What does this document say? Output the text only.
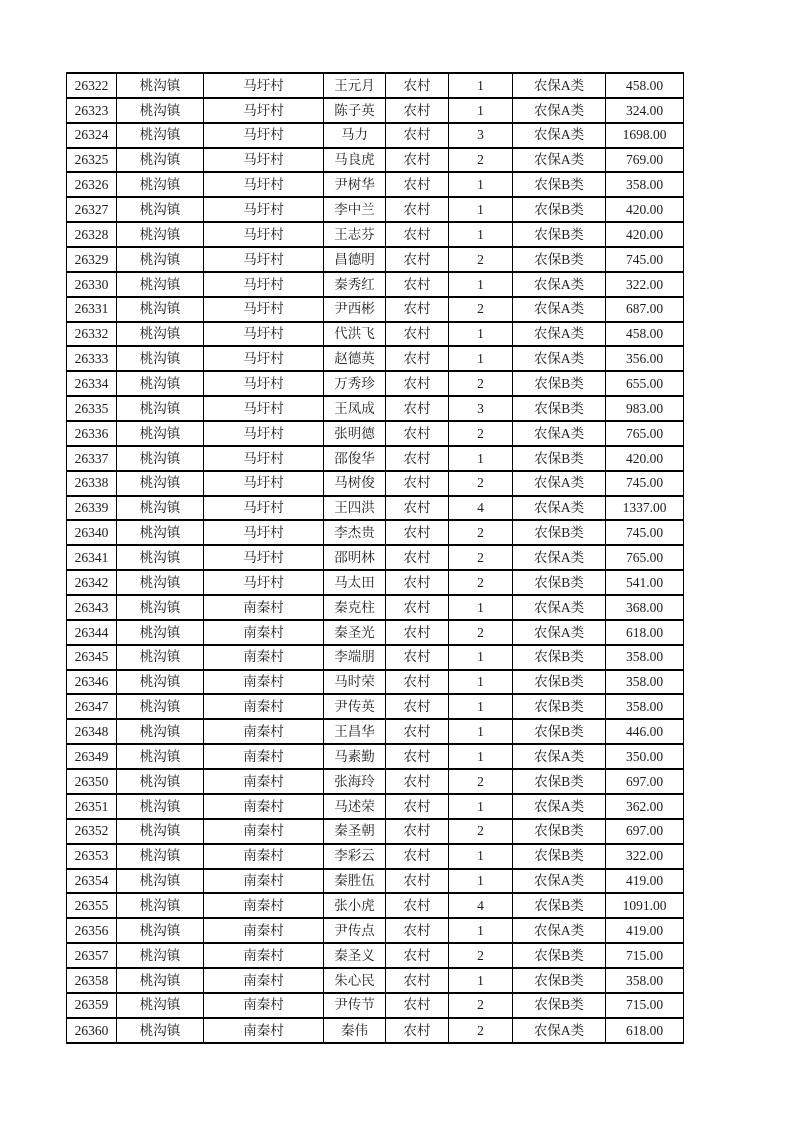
26322	桃沟镇	马圩村	王元月	农村	1	农保A类	458.00
26323	桃沟镇	马圩村	陈子英	农村	1	农保A类	324.00
26324	桃沟镇	马圩村	马力	农村	3	农保A类	1698.00
26325	桃沟镇	马圩村	马良虎	农村	2	农保A类	769.00
26326	桃沟镇	马圩村	尹树华	农村	1	农保B类	358.00
26327	桃沟镇	马圩村	李中兰	农村	1	农保B类	420.00
26328	桃沟镇	马圩村	王志芬	农村	1	农保B类	420.00
26329	桃沟镇	马圩村	昌德明	农村	2	农保B类	745.00
26330	桃沟镇	马圩村	秦秀红	农村	1	农保A类	322.00
26331	桃沟镇	马圩村	尹西彬	农村	2	农保A类	687.00
26332	桃沟镇	马圩村	代洪飞	农村	1	农保A类	458.00
26333	桃沟镇	马圩村	赵德英	农村	1	农保A类	356.00
26334	桃沟镇	马圩村	万秀珍	农村	2	农保B类	655.00
26335	桃沟镇	马圩村	王凤成	农村	3	农保B类	983.00
26336	桃沟镇	马圩村	张明德	农村	2	农保A类	765.00
26337	桃沟镇	马圩村	邵俊华	农村	1	农保B类	420.00
26338	桃沟镇	马圩村	马树俊	农村	2	农保A类	745.00
26339	桃沟镇	马圩村	王四洪	农村	4	农保A类	1337.00
26340	桃沟镇	马圩村	李杰贵	农村	2	农保B类	745.00
26341	桃沟镇	马圩村	邵明林	农村	2	农保A类	765.00
26342	桃沟镇	马圩村	马太田	农村	2	农保B类	541.00
26343	桃沟镇	南秦村	秦克柱	农村	1	农保A类	368.00
26344	桃沟镇	南秦村	秦圣光	农村	2	农保A类	618.00
26345	桃沟镇	南秦村	李端朋	农村	1	农保B类	358.00
26346	桃沟镇	南秦村	马时荣	农村	1	农保B类	358.00
26347	桃沟镇	南秦村	尹传英	农村	1	农保B类	358.00
26348	桃沟镇	南秦村	王昌华	农村	1	农保B类	446.00
26349	桃沟镇	南秦村	马素勤	农村	1	农保A类	350.00
26350	桃沟镇	南秦村	张海玲	农村	2	农保B类	697.00
26351	桃沟镇	南秦村	马述荣	农村	1	农保A类	362.00
26352	桃沟镇	南秦村	秦圣朝	农村	2	农保B类	697.00
26353	桃沟镇	南秦村	李彩云	农村	1	农保B类	322.00
26354	桃沟镇	南秦村	秦胜伍	农村	1	农保A类	419.00
26355	桃沟镇	南秦村	张小虎	农村	4	农保B类	1091.00
26356	桃沟镇	南秦村	尹传点	农村	1	农保A类	419.00
26357	桃沟镇	南秦村	秦圣义	农村	2	农保B类	715.00
26358	桃沟镇	南秦村	朱心民	农村	1	农保B类	358.00
26359	桃沟镇	南秦村	尹传节	农村	2	农保B类	715.00
26360	桃沟镇	南秦村	秦伟	农村	2	农保A类	618.00
